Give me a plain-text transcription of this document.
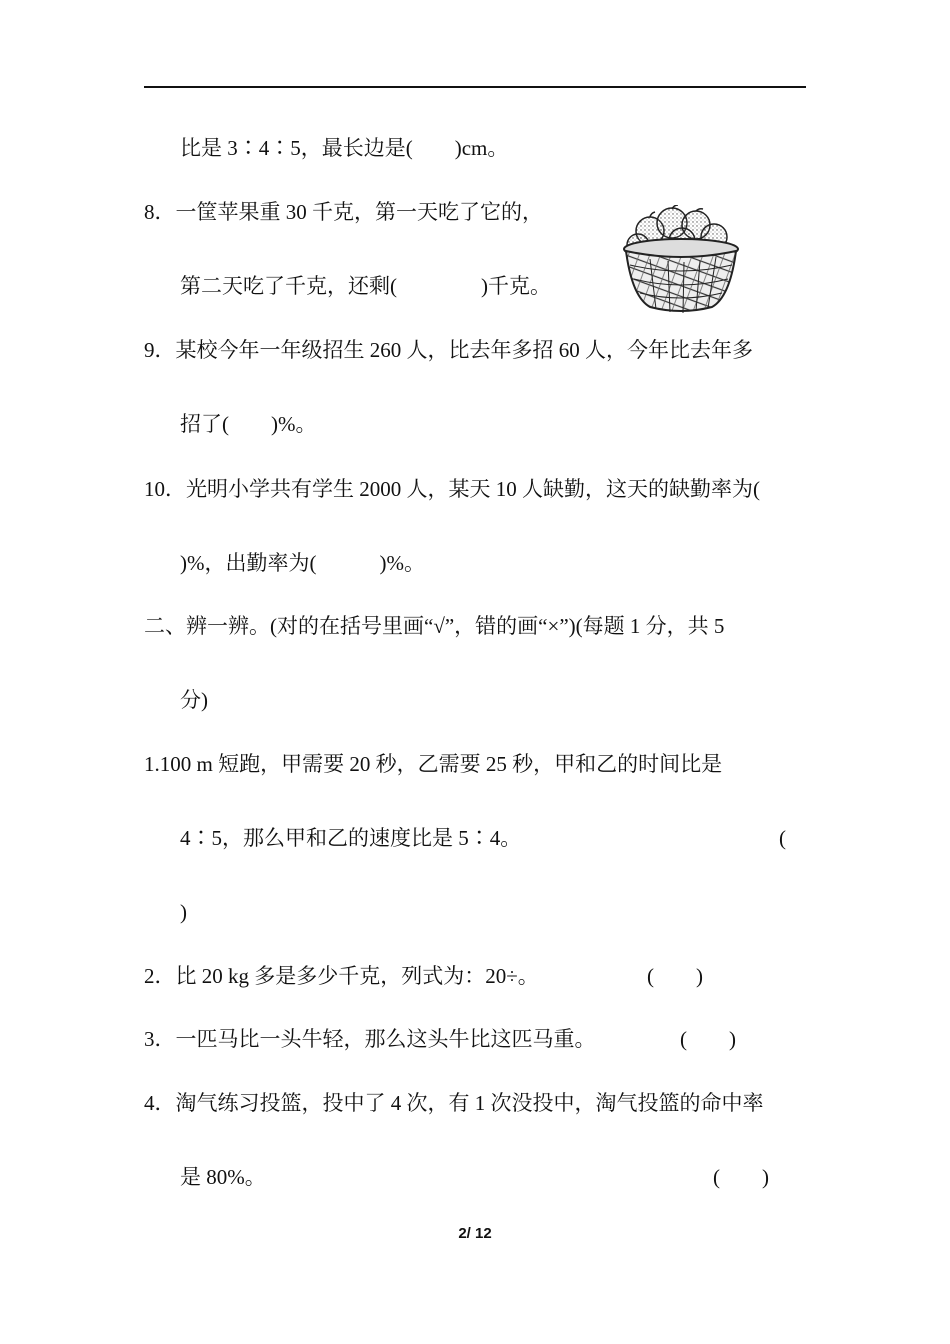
比是 3∶4∶5，最长边是(　　)cm。
8．一筐苹果重 30 千克，第一天吃了它的，
第二天吃了千克，还剩(　　　　)千克。
9．某校今年一年级招生 260 人，比去年多招 60 人，今年比去年多
招了(　　)%。
10．光明小学共有学生 2000 人，某天 10 人缺勤，这天的缺勤率为(
)%，出勤率为(　　　)%。
二、辨一辨。(对的在括号里画“√”，错的画“×”)(每题 1 分，共 5
分)
1.100 m 短跑，甲需要 20 秒，乙需要 25 秒，甲和乙的时间比是
4∶5，那么甲和乙的速度比是 5∶4。	(
)
2．比 20 kg 多是多少千克，列式为：20÷。	(　　)
3．一匹马比一头牛轻，那么这头牛比这匹马重。	(　　)
4．淘气练习投篮，投中了 4 次，有 1 次没投中，淘气投篮的命中率
是 80%。	(　　)
2/ 12
